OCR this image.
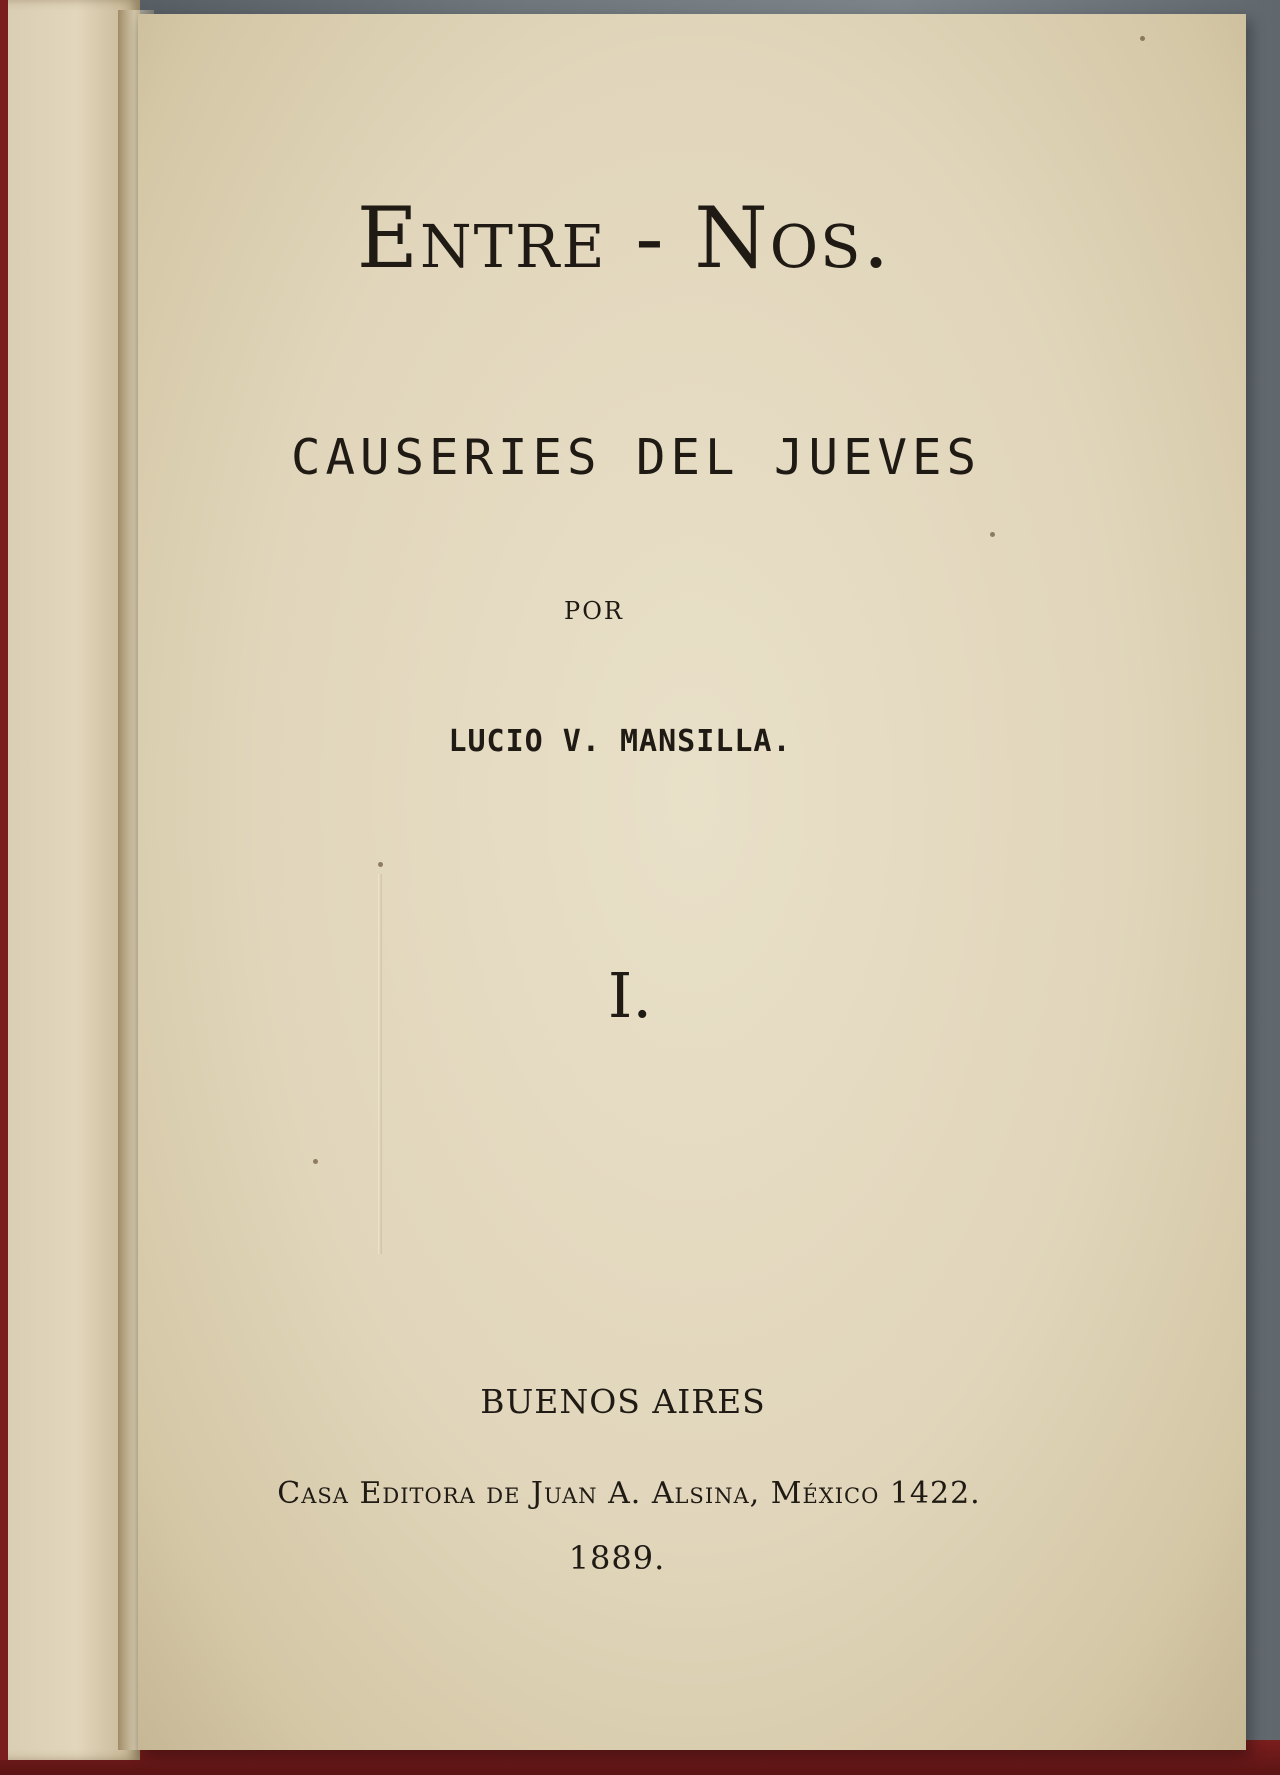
Entre - Nos.
CAUSERIES DEL JUEVES
POR
LUCIO V. MANSILLA.
I.
BUENOS AIRES
Casa Editora de Juan A. Alsina, México 1422.
1889.
